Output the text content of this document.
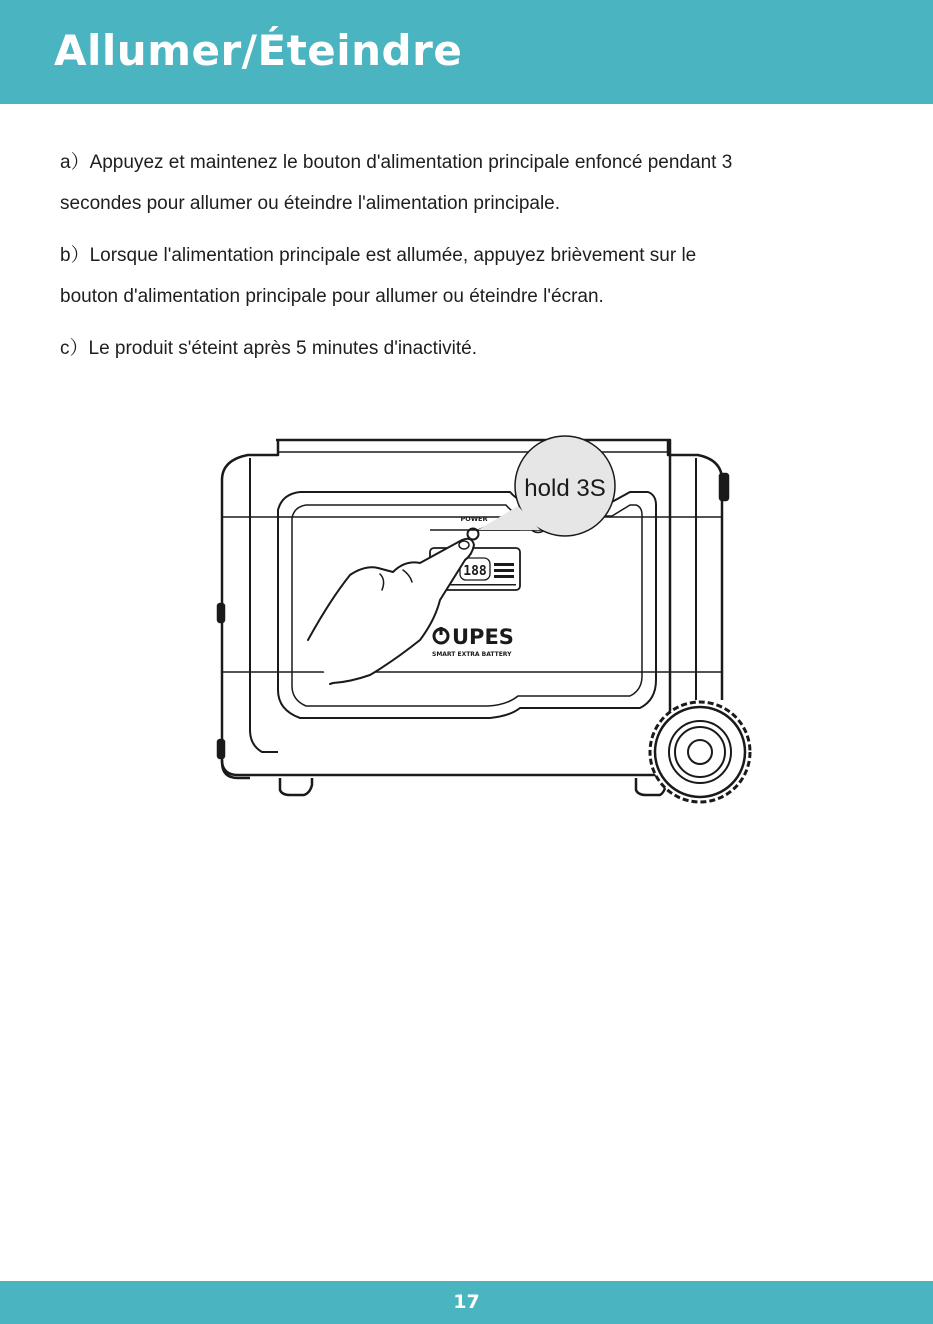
Allumer/Éteindre

a）Appuyez et maintenez le bouton d'alimentation principale enfoncé pendant 3

secondes pour allumer ou éteindre l'alimentation principale.

b）Lorsque l'alimentation principale est allumée, appuyez brièvement sur le

bouton d'alimentation principale pour allumer ou éteindre l'écran.

c）Le produit s'éteint après 5 minutes d'inactivité.

188
POWER
UPES
SMART EXTRA BATTERY
hold 3S
17
